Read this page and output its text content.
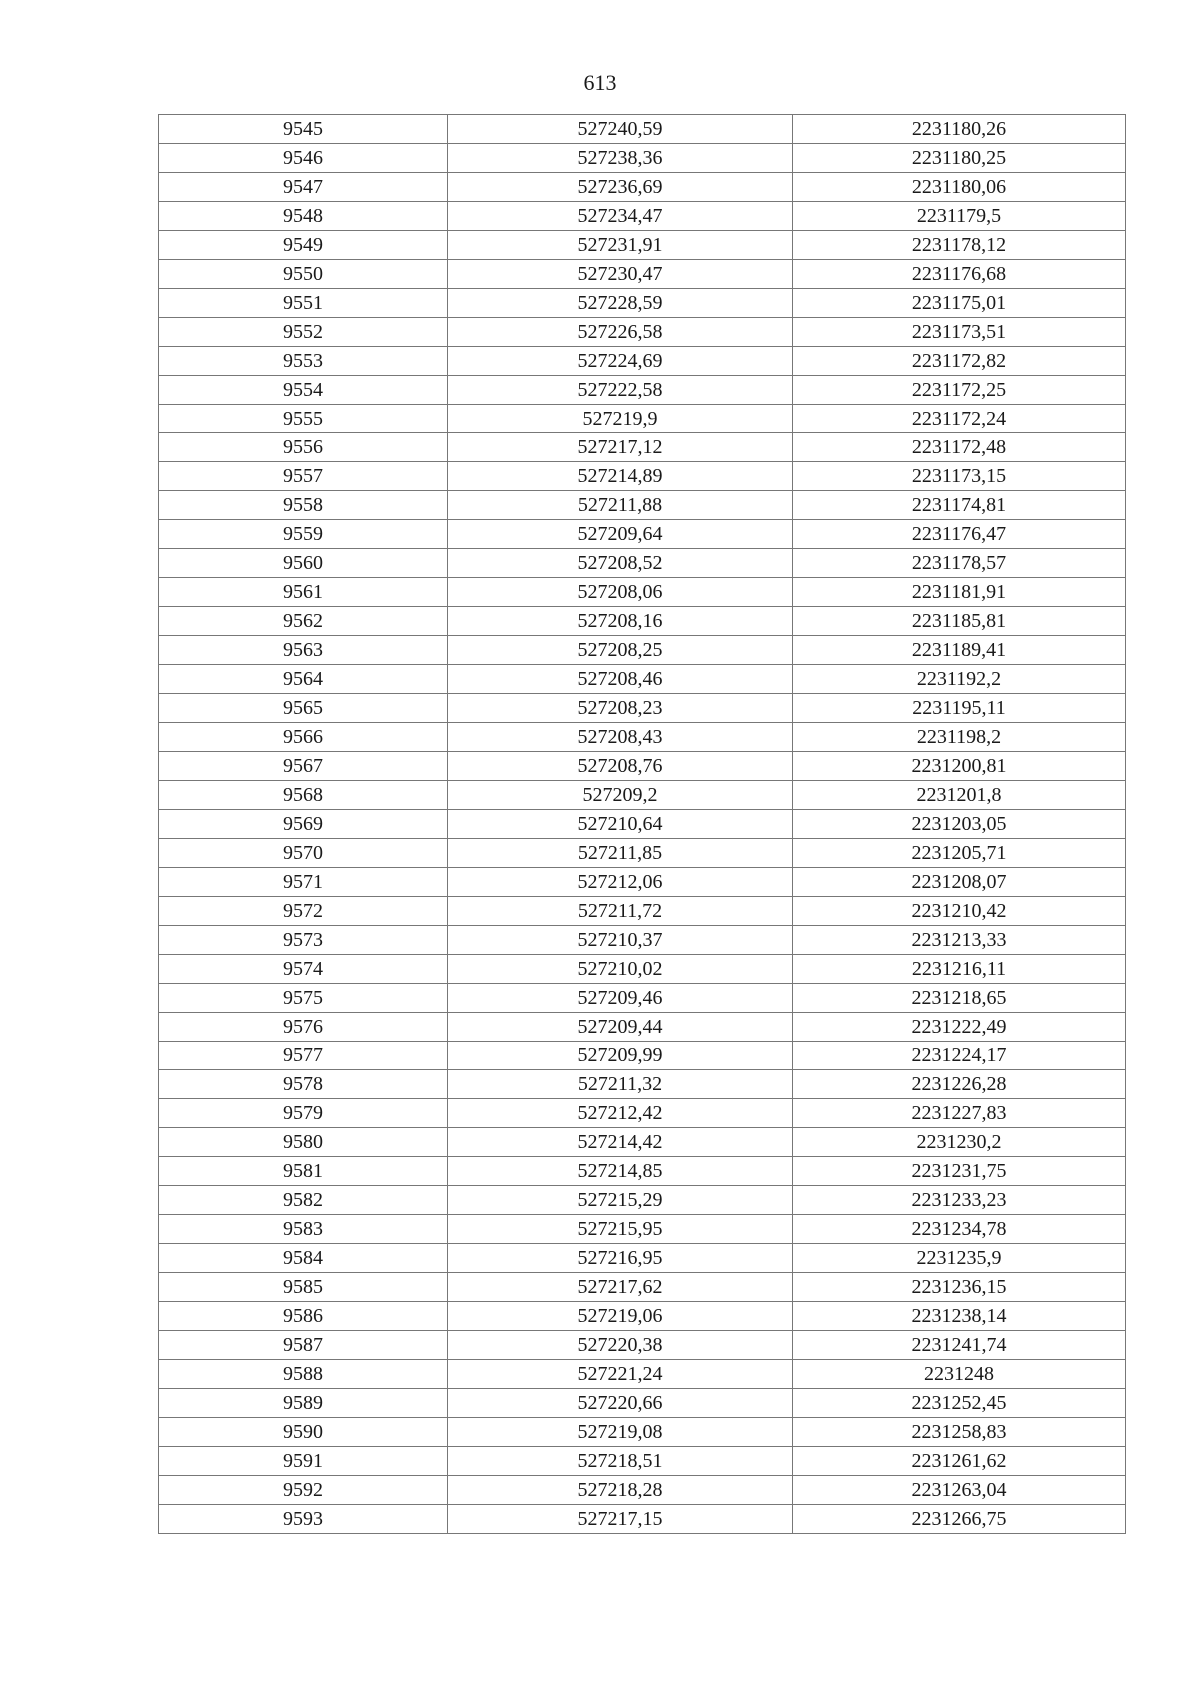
613
9545	527240,59	2231180,26
9546	527238,36	2231180,25
9547	527236,69	2231180,06
9548	527234,47	2231179,5
9549	527231,91	2231178,12
9550	527230,47	2231176,68
9551	527228,59	2231175,01
9552	527226,58	2231173,51
9553	527224,69	2231172,82
9554	527222,58	2231172,25
9555	527219,9	2231172,24
9556	527217,12	2231172,48
9557	527214,89	2231173,15
9558	527211,88	2231174,81
9559	527209,64	2231176,47
9560	527208,52	2231178,57
9561	527208,06	2231181,91
9562	527208,16	2231185,81
9563	527208,25	2231189,41
9564	527208,46	2231192,2
9565	527208,23	2231195,11
9566	527208,43	2231198,2
9567	527208,76	2231200,81
9568	527209,2	2231201,8
9569	527210,64	2231203,05
9570	527211,85	2231205,71
9571	527212,06	2231208,07
9572	527211,72	2231210,42
9573	527210,37	2231213,33
9574	527210,02	2231216,11
9575	527209,46	2231218,65
9576	527209,44	2231222,49
9577	527209,99	2231224,17
9578	527211,32	2231226,28
9579	527212,42	2231227,83
9580	527214,42	2231230,2
9581	527214,85	2231231,75
9582	527215,29	2231233,23
9583	527215,95	2231234,78
9584	527216,95	2231235,9
9585	527217,62	2231236,15
9586	527219,06	2231238,14
9587	527220,38	2231241,74
9588	527221,24	2231248
9589	527220,66	2231252,45
9590	527219,08	2231258,83
9591	527218,51	2231261,62
9592	527218,28	2231263,04
9593	527217,15	2231266,75
